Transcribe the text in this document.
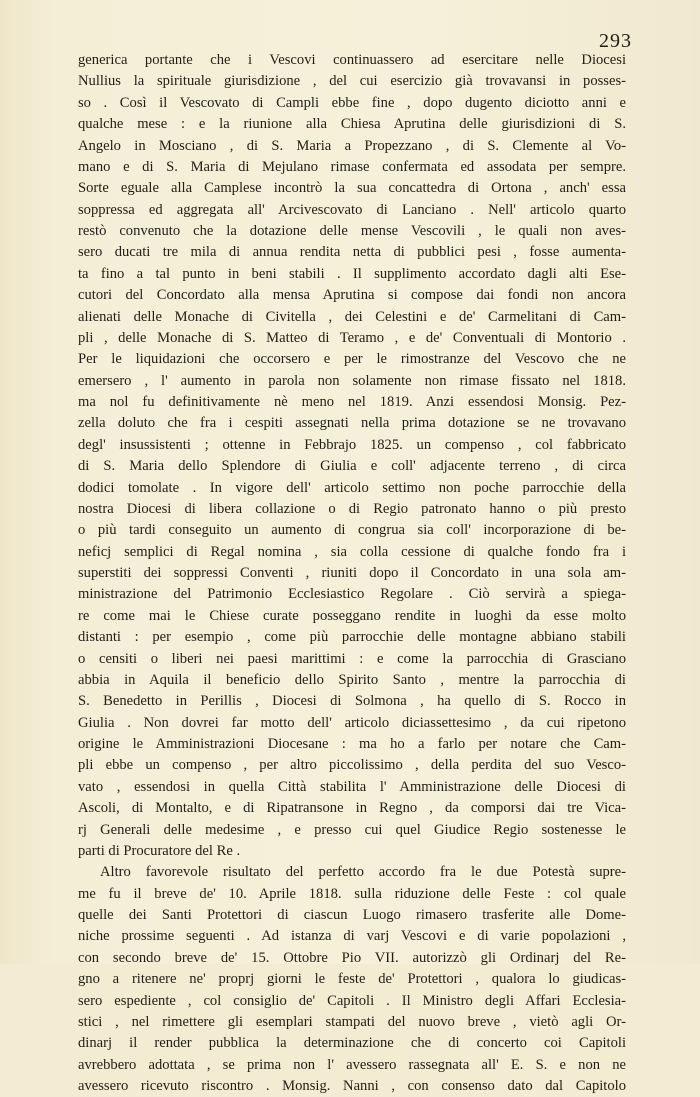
293
generica portante che i Vescovi continuassero ad esercitare nelle Diocesi
Nullius la spirituale giurisdizione , del cui esercizio già trovavansi in posses-
so . Così il Vescovato di Campli ebbe fine , dopo dugento diciotto anni e
qualche mese : e la riunione alla Chiesa Aprutina delle giurisdizioni di S.
Angelo in Mosciano , di S. Maria a Propezzano , di S. Clemente al Vo-
mano e di S. Maria di Mejulano rimase confermata ed assodata per sempre.
Sorte eguale alla Camplese incontrò la sua concattedra di Ortona , anch' essa
soppressa ed aggregata all' Arcivescovato di Lanciano . Nell' articolo quarto
restò convenuto che la dotazione delle mense Vescovili , le quali non aves-
sero ducati tre mila di annua rendita netta di pubblici pesi , fosse aumenta-
ta fino a tal punto in beni stabili . Il supplimento accordato dagli alti Ese-
cutori del Concordato alla mensa Aprutina si compose dai fondi non ancora
alienati delle Monache di Civitella , dei Celestini e de' Carmelitani di Cam-
pli , delle Monache di S. Matteo di Teramo , e de' Conventuali di Montorio .
Per le liquidazioni che occorsero e per le rimostranze del Vescovo che ne
emersero , l' aumento in parola non solamente non rimase fissato nel 1818.
ma nol fu definitivamente nè meno nel 1819. Anzi essendosi Monsig. Pez-
zella doluto che fra i cespiti assegnati nella prima dotazione se ne trovavano
degl' insussistenti ; ottenne in Febbrajo 1825. un compenso , col fabbricato
di S. Maria dello Splendore di Giulia e coll' adjacente terreno , di circa
dodici tomolate . In vigore dell' articolo settimo non poche parrocchie della
nostra Diocesi di libera collazione o di Regio patronato hanno o più presto
o più tardi conseguito un aumento di congrua sia coll' incorporazione di be-
neficj semplici di Regal nomina , sia colla cessione di qualche fondo fra i
superstiti dei soppressi Conventi , riuniti dopo il Concordato in una sola am-
ministrazione del Patrimonio Ecclesiastico Regolare . Ciò servirà a spiega-
re come mai le Chiese curate posseggano rendite in luoghi da esse molto
distanti : per esempio , come più parrocchie delle montagne abbiano stabili
o censiti o liberi nei paesi marittimi : e come la parrocchia di Grasciano
abbia in Aquila il beneficio dello Spirito Santo , mentre la parrocchia di
S. Benedetto in Perillis , Diocesi di Solmona , ha quello di S. Rocco in
Giulia . Non dovrei far motto dell' articolo diciassettesimo , da cui ripetono
origine le Amministrazioni Diocesane : ma ho a farlo per notare che Cam-
pli ebbe un compenso , per altro piccolissimo , della perdita del suo Vesco-
vato , essendosi in quella Città stabilita l' Amministrazione delle Diocesi di
Ascoli, di Montalto, e di Ripatransone in Regno , da comporsi dai tre Vica-
rj Generali delle medesime , e presso cui quel Giudice Regio sostenesse le
parti di Procuratore del Re .
Altro favorevole risultato del perfetto accordo fra le due Potestà supre-
me fu il breve de' 10. Aprile 1818. sulla riduzione delle Feste : col quale
quelle dei Santi Protettori di ciascun Luogo rimasero trasferite alle Dome-
niche prossime seguenti . Ad istanza di varj Vescovi e di varie popolazioni ,
con secondo breve de' 15. Ottobre Pio VII. autorizzò gli Ordinarj del Re-
gno a ritenere ne' proprj giorni le feste de' Protettori , qualora lo giudicas-
sero espediente , col consiglio de' Capitoli . Il Ministro degli Affari Ecclesia-
stici , nel rimettere gli esemplari stampati del nuovo breve , vietò agli Or-
dinarj il render pubblica la determinazione che di concerto coi Capitoli
avrebbero adottata , se prima non l' avessero rassegnata all' E. S. e non ne
avessero ricevuto riscontro . Monsig. Nanni , con consenso dato dal Capitolo
